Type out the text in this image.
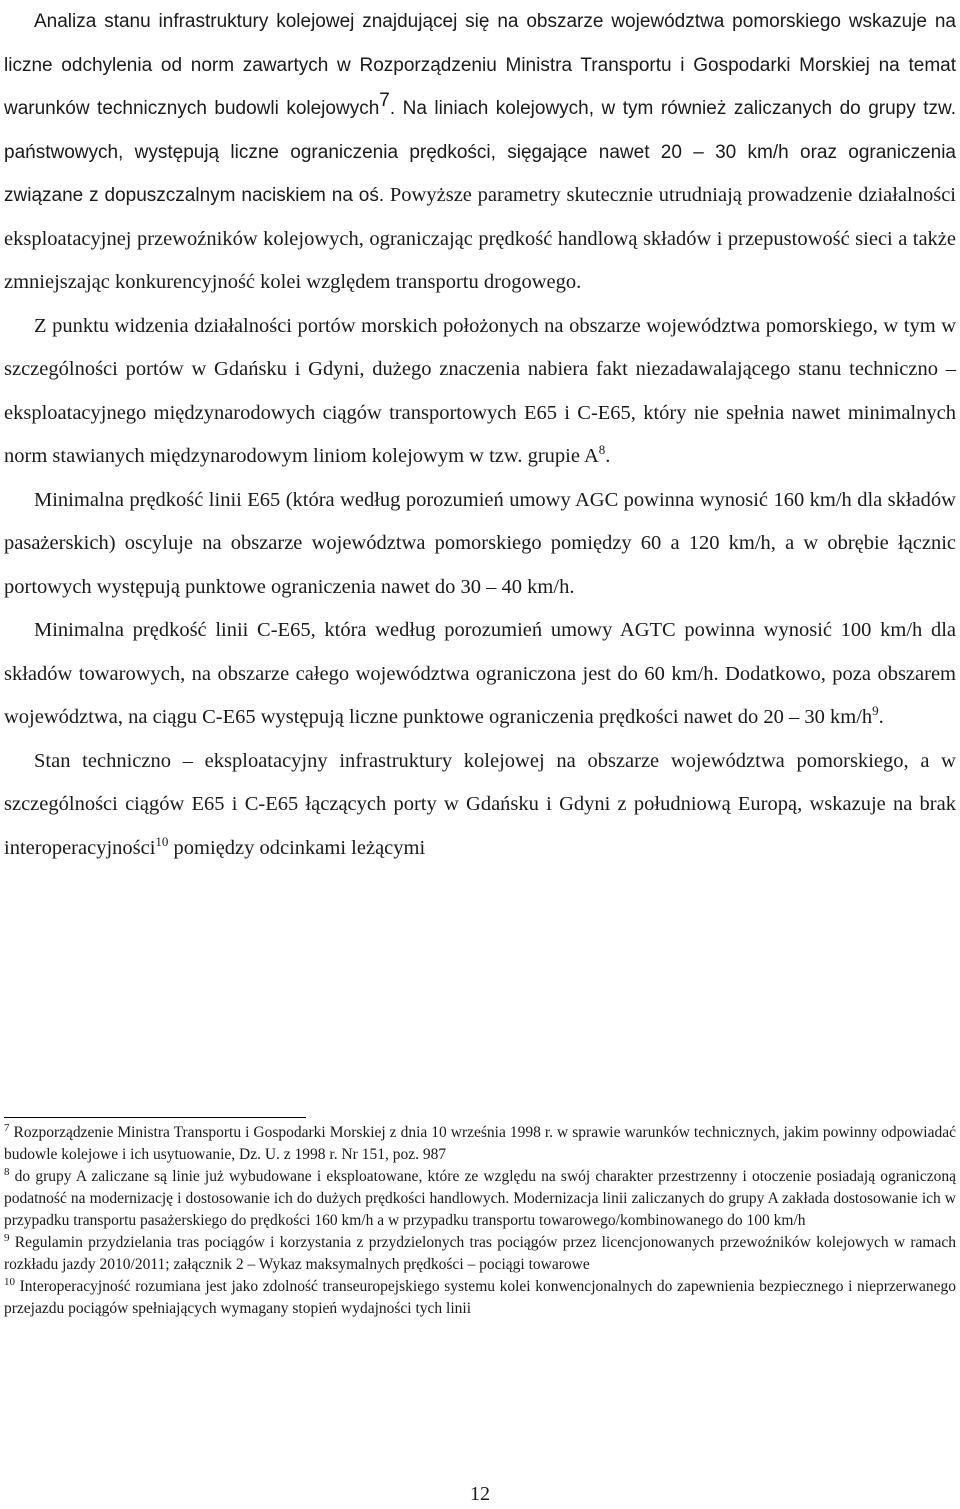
Analiza stanu infrastruktury kolejowej znajdującej się na obszarze województwa pomorskiego wskazuje na liczne odchylenia od norm zawartych w Rozporządzeniu Ministra Transportu i Gospodarki Morskiej na temat warunków technicznych budowli kolejowych$^7$. Na liniach kolejowych, w tym również zaliczanych do grupy tzw. państwowych, występują liczne ograniczenia prędkości, sięgające nawet 20 – 30 km/h oraz ograniczenia związane z dopuszczalnym naciskiem na oś. Powyższe parametry skutecznie utrudniają prowadzenie działalności eksploatacyjnej przewoźników kolejowych, ograniczając prędkość handlową składów i przepustowość sieci a także zmniejszając konkurencyjność kolei względem transportu drogowego.

Z punktu widzenia działalności portów morskich położonych na obszarze województwa pomorskiego, w tym w szczególności portów w Gdańsku i Gdyni, dużego znaczenia nabiera fakt niezadawalającego stanu techniczno – eksploatacyjnego międzynarodowych ciągów transportowych E65 i C-E65, który nie spełnia nawet minimalnych norm stawianych międzynarodowym liniom kolejowym w tzw. grupie $A^8$.

Minimalna prędkość linii E65 (która według porozumień umowy AGC powinna wynosić 160 km/h dla składów pasażerskich) oscyluje na obszarze województwa pomorskiego pomiędzy 60 a 120 km/h, a w obrębie łącznic portowych występują punktowe ograniczenia nawet do 30 – 40 km/h.

Minimalna prędkość linii C-E65, która według porozumień umowy AGTC powinna wynosić 100 km/h dla składów towarowych, na obszarze całego województwa ograniczona jest do 60 km/h. Dodatkowo, poza obszarem województwa, na ciągu C-E65 występują liczne punktowe ograniczenia prędkości nawet do 20 – 30 $km/h^9$.

Stan techniczno – eksploatacyjny infrastruktury kolejowej na obszarze województwa pomorskiego, a w szczególności ciągów E65 i C-E65 łączących porty w Gdańsku i Gdyni z południową Europą, wskazuje na brak interoperacyjności$^{10}$ pomiędzy odcinkami leżącymi

$^7$ Rozporządzenie Ministra Transportu i Gospodarki Morskiej z dnia 10 września 1998 r. w sprawie warunków technicznych, jakim powinny odpowiadać budowle kolejowe i ich usytuowanie, Dz. U. z 1998 r. Nr 151, poz. 987

$^8$ do grupy A zaliczane są linie już wybudowane i eksploatowane, które ze względu na swój charakter przestrzenny i otoczenie posiadają ograniczoną podatność na modernizację i dostosowanie ich do dużych prędkości handlowych. Modernizacja linii zaliczanych do grupy A zakłada dostosowanie ich w przypadku transportu pasażerskiego do prędkości 160 km/h a w przypadku transportu towarowego/kombinowanego do 100 km/h

$^9$ Regulamin przydzielania tras pociągów i korzystania z przydzielonych tras pociągów przez licencjonowanych przewoźników kolejowych w ramach rozkładu jazdy 2010/2011; załącznik 2 – Wykaz maksymalnych prędkości – pociągi towarowe

$^{10}$ Interoperacyjność rozumiana jest jako zdolność transeuropejskiego systemu kolei konwencjonalnych do zapewnienia bezpiecznego i nieprzerwanego przejazdu pociągów spełniających wymagany stopień wydajności tych linii

12
